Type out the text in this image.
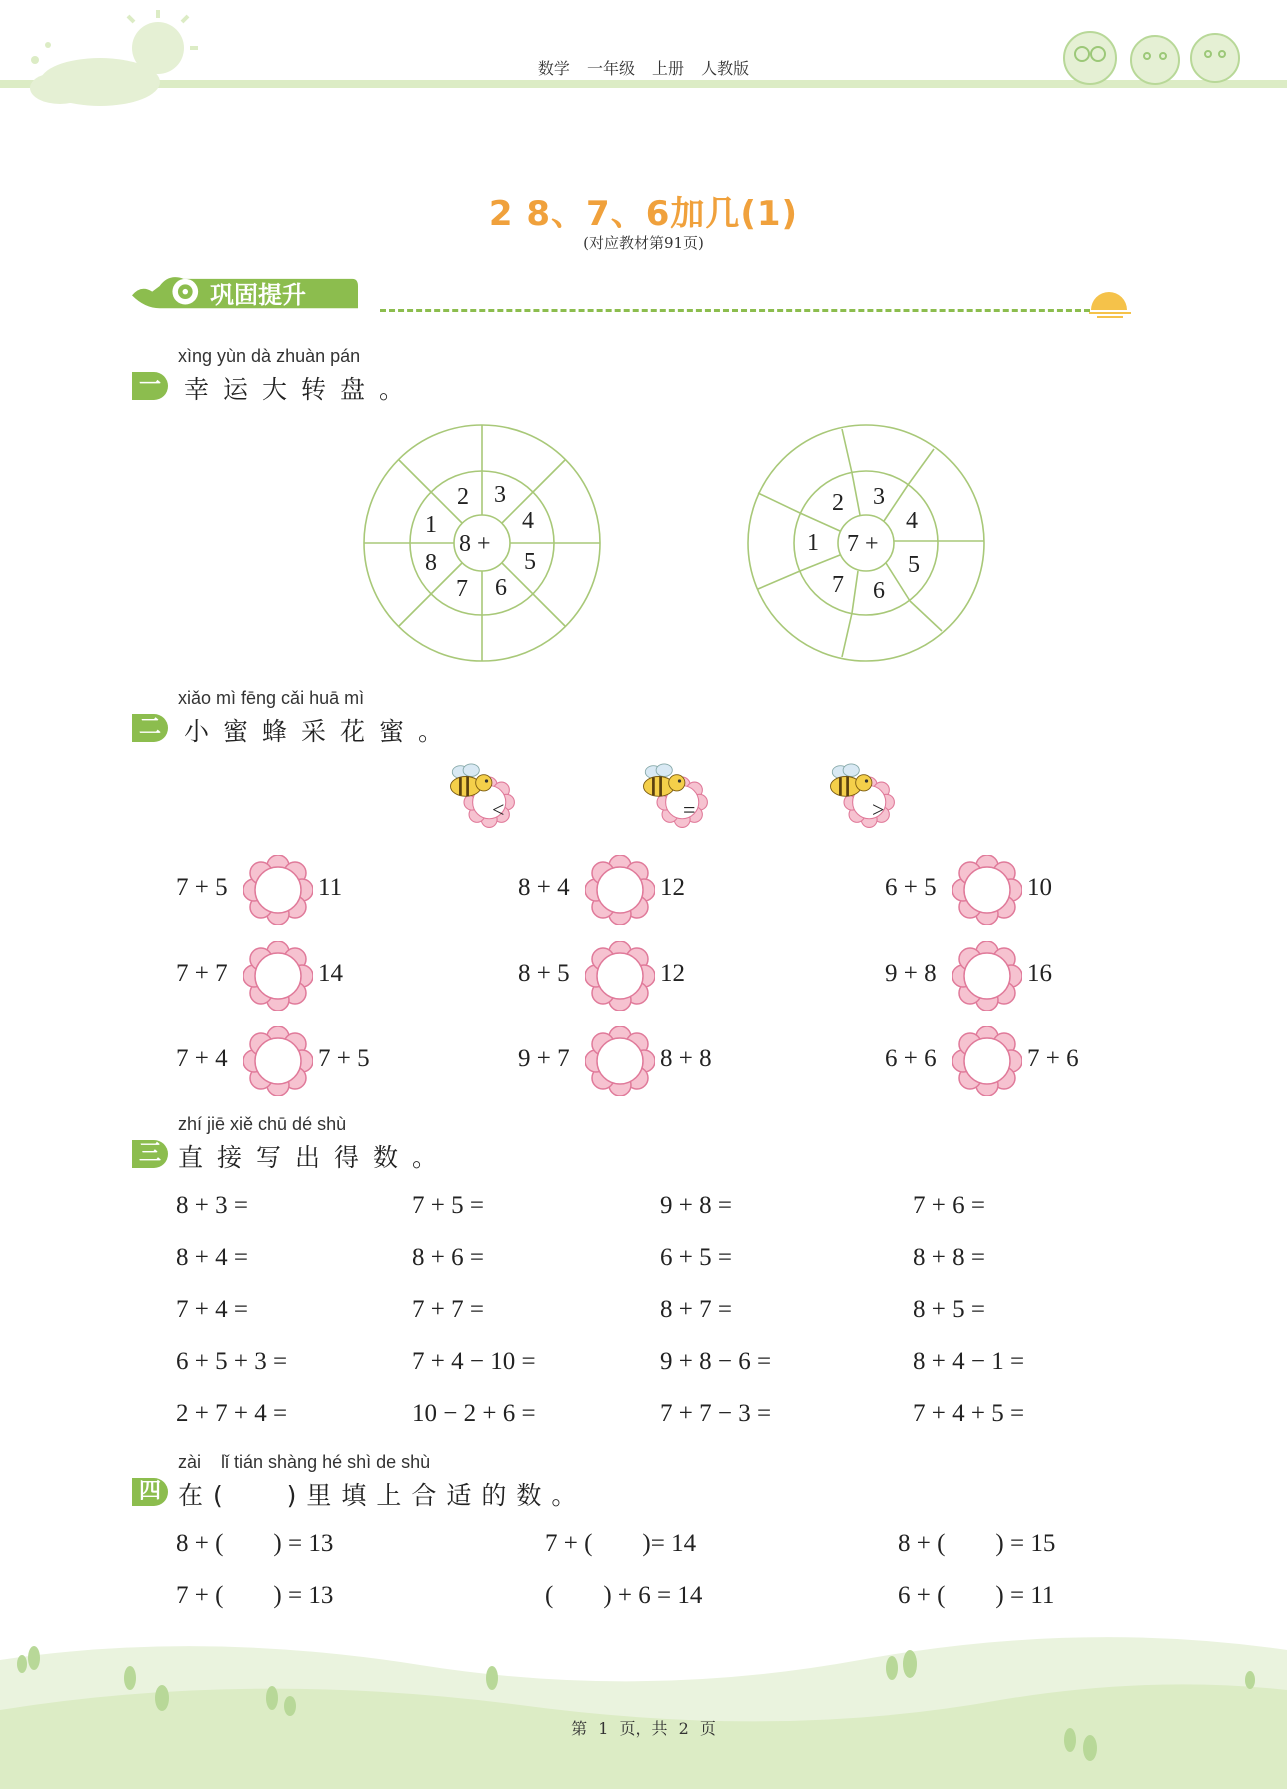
数学 一年级 上册 人教版
2 8、7、6加几(1)
(对应教材第91页)
巩固提升
xìng yùn dà zhuàn pán
一 幸运大转盘。
8 +
2 3
4
5
6
7
8
1
7 +
2 3
4
5
6
7
1
xiǎo mì fēng cǎi huā mì
二 小蜜蜂采花蜜。
<	=	>
7 + 5	11	8 + 4	12	6 + 5	10
7 + 7	14	8 + 5	12	9 + 8	16
7 + 4	7 + 5	9 + 7	8 + 8	6 + 6	7 + 6
zhí jiē xiě chū dé shù
三 直接写出得数。
8 + 3 =	7 + 5 =	9 + 8 =	7 + 6 =
8 + 4 =	8 + 6 =	6 + 5 =	8 + 8 =
7 + 4 =	7 + 7 =	8 + 7 =	8 + 5 =
6 + 5 + 3 =	7 + 4 − 10 =	9 + 8 − 6 =	8 + 4 − 1 =
2 + 7 + 4 =	10 − 2 + 6 =	7 + 7 − 3 =	7 + 4 + 5 =
zài    lǐ tián shàng hé shì de shù
四 在(   )里填上合适的数。
8 + (        ) = 13	7 + (        )= 14	8 + (        ) = 15
7 + (        ) = 13	(        ) + 6 = 14	6 + (        ) = 11
第 1 页，共 2 页
